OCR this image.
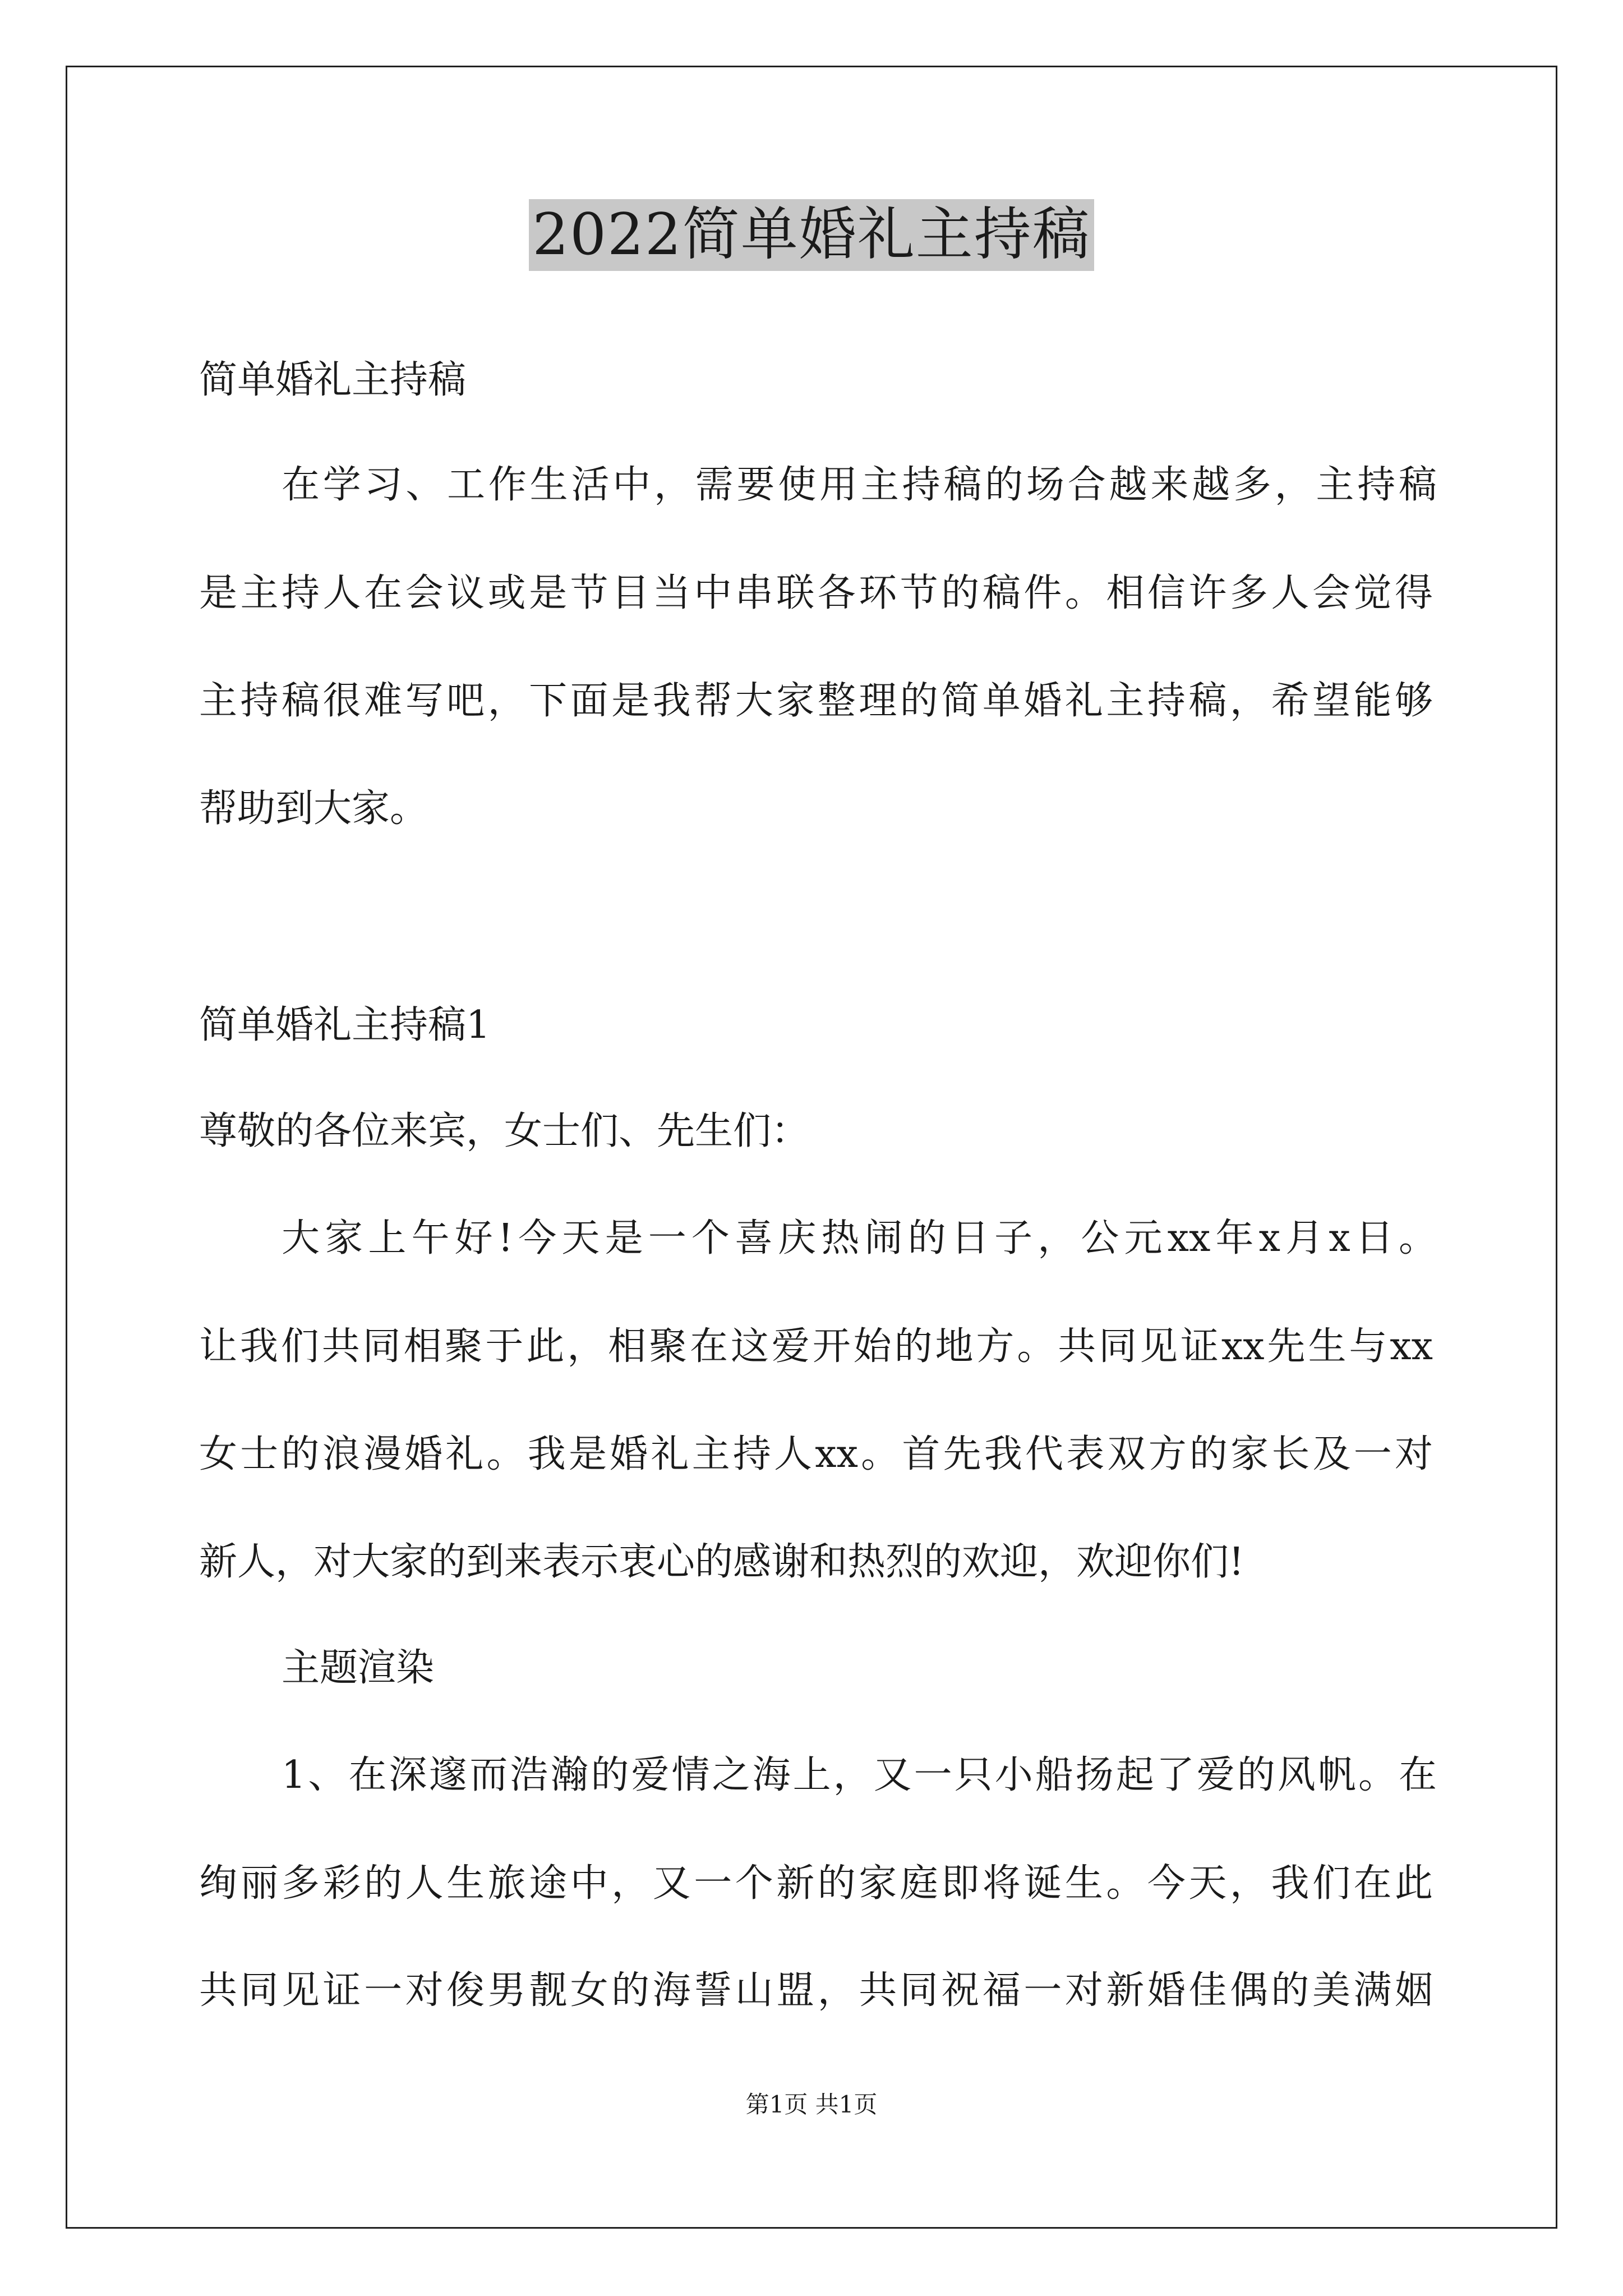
2022简单婚礼主持稿

简单婚礼主持稿

在学习、工作生活中，需要使用主持稿的场合越来越多，主持稿

是主持人在会议或是节目当中串联各环节的稿件。相信许多人会觉得

主持稿很难写吧，下面是我帮大家整理的简单婚礼主持稿，希望能够

帮助到大家。

简单婚礼主持稿1

尊敬的各位来宾，女士们、先生们：

大家上午好!今天是一个喜庆热闹的日子，公元xx年x月x日。

让我们共同相聚于此，相聚在这爱开始的地方。共同见证xx先生与xx

女士的浪漫婚礼。我是婚礼主持人xx。首先我代表双方的家长及一对

新人，对大家的到来表示衷心的感谢和热烈的欢迎，欢迎你们!

主题渲染

1、在深邃而浩瀚的爱情之海上，又一只小船扬起了爱的风帆。在

绚丽多彩的人生旅途中，又一个新的家庭即将诞生。今天，我们在此

共同见证一对俊男靓女的海誓山盟，共同祝福一对新婚佳偶的美满姻

第1页 共1页
